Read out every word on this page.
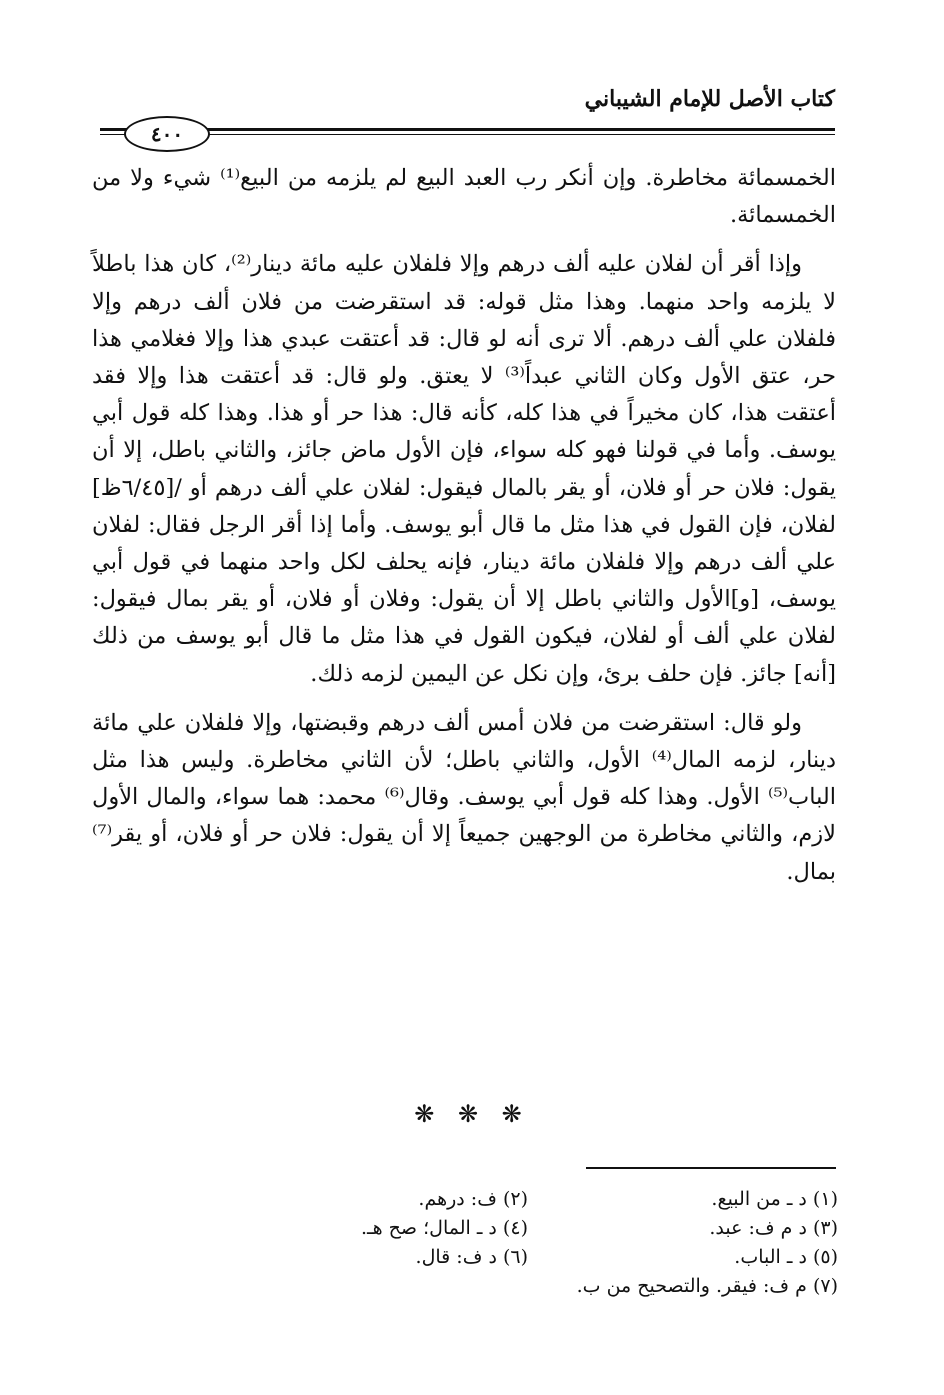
كتاب الأصل للإمام الشيباني
٤٠٠

الخمسمائة مخاطرة. وإن أنكر رب العبد البيع لم يلزمه من البيع⁽¹⁾ شيء ولا من الخمسمائة.

وإذا أقر أن لفلان عليه ألف درهم وإلا فلفلان عليه مائة دينار⁽²⁾، كان هذا باطلاً لا يلزمه واحد منهما. وهذا مثل قوله: قد استقرضت من فلان ألف درهم وإلا فلفلان علي ألف درهم. ألا ترى أنه لو قال: قد أعتقت عبدي هذا وإلا فغلامي هذا حر، عتق الأول وكان الثاني عبداً⁽³⁾ لا يعتق. ولو قال: قد أعتقت هذا وإلا فقد أعتقت هذا، كان مخيراً في هذا كله، كأنه قال: هذا حر أو هذا. وهذا كله قول أبي يوسف. وأما في قولنا فهو كله سواء، فإن الأول ماض جائز، والثاني باطل، إلا أن يقول: فلان حر أو فلان، أو يقر بالمال فيقول: لفلان علي ألف درهم أو /[٦/٤٥ظ] لفلان، فإن القول في هذا مثل ما قال أبو يوسف. وأما إذا أقر الرجل فقال: لفلان علي ألف درهم وإلا فلفلان مائة دينار، فإنه يحلف لكل واحد منهما في قول أبي يوسف، [و]الأول والثاني باطل إلا أن يقول: وفلان أو فلان، أو يقر بمال فيقول: لفلان علي ألف أو لفلان، فيكون القول في هذا مثل ما قال أبو يوسف من ذلك [أنه] جائز. فإن حلف برئ، وإن نكل عن اليمين لزمه ذلك.

ولو قال: استقرضت من فلان أمس ألف درهم وقبضتها، وإلا فلفلان علي مائة دينار، لزمه المال⁽⁴⁾ الأول، والثاني باطل؛ لأن الثاني مخاطرة. وليس هذا مثل الباب⁽⁵⁾ الأول. وهذا كله قول أبي يوسف. وقال⁽⁶⁾ محمد: هما سواء، والمال الأول لازم، والثاني مخاطرة من الوجهين جميعاً إلا أن يقول: فلان حر أو فلان، أو يقر⁽⁷⁾ بمال.

❋ ❋ ❋
(١) د ـ من البيع.
(٢) ف: درهم.
(٣) د م ف: عبد.
(٤) د ـ المال؛ صح هـ.
(٥) د ـ الباب.
(٦) د ف: قال.
(٧) م ف: فيقر. والتصحيح من ب.
